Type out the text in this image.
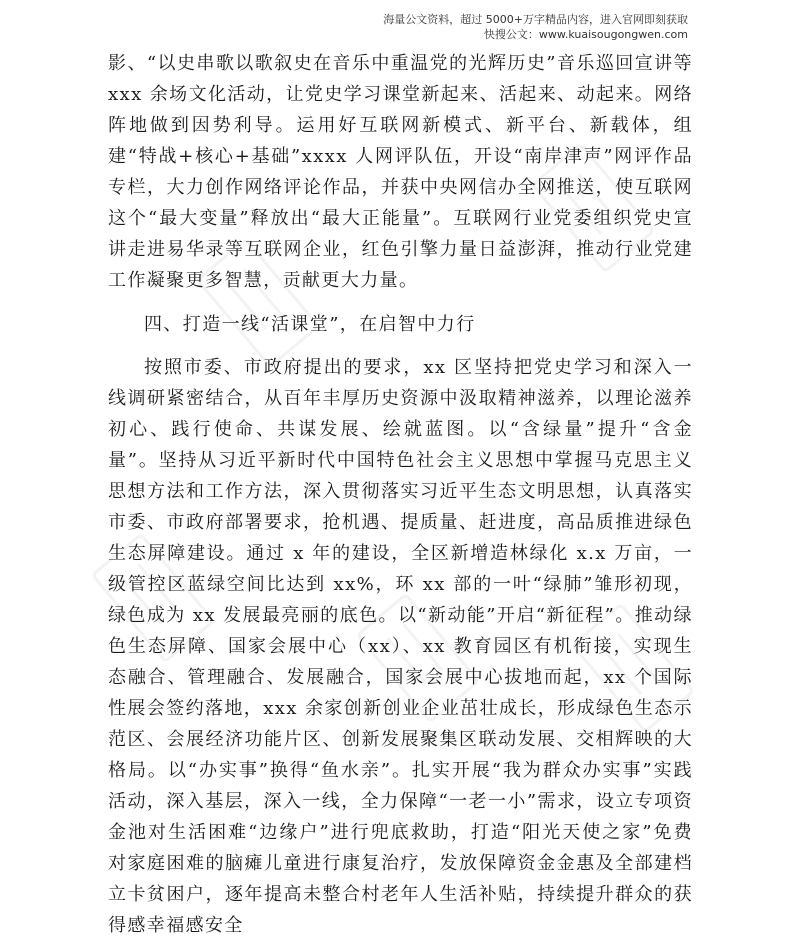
海量公文资料，超过 5000+万字精品内容，进入官网即刻获取
快搜公文：www.kuaisougongwen.com

影、“以史串歌以歌叙史在音乐中重温党的光辉历史”音乐巡回宣讲等 xxx 余场文化活动，让党史学习课堂新起来、活起来、动起来。网络阵地做到因势利导。运用好互联网新模式、新平台、新载体，组建“特战+核心+基础”xxxx 人网评队伍，开设“南岸津声”网评作品专栏，大力创作网络评论作品，并获中央网信办全网推送，使互联网这个“最大变量”释放出“最大正能量”。互联网行业党委组织党史宣讲走进易华录等互联网企业，红色引擎力量日益澎湃，推动行业党建工作凝聚更多智慧，贡献更大力量。

四、打造一线“活课堂”，在启智中力行

按照市委、市政府提出的要求，xx 区坚持把党史学习和深入一线调研紧密结合，从百年丰厚历史资源中汲取精神滋养，以理论滋养初心、践行使命、共谋发展、绘就蓝图。以“含绿量”提升“含金量”。坚持从习近平新时代中国特色社会主义思想中掌握马克思主义思想方法和工作方法，深入贯彻落实习近平生态文明思想，认真落实市委、市政府部署要求，抢机遇、提质量、赶进度，高品质推进绿色生态屏障建设。通过 x 年的建设，全区新增造林绿化 x.x 万亩，一级管控区蓝绿空间比达到 xx%，环 xx 部的一叶“绿肺”雏形初现， 绿色成为 xx 发展最亮丽的底色。以“新动能”开启“新征程”。推动绿色生态屏障、国家会展中心（xx）、xx 教育园区有机衔接，实现生态融合、管理融合、发展融合，国家会展中心拔地而起，xx 个国际性展会签约落地，xxx 余家创新创业企业茁壮成长，形成绿色生态示范区、会展经济功能片区、创新发展聚集区联动发展、交相辉映的大格局。以“办实事”换得“鱼水亲”。扎实开展“我为群众办实事”实践活动，深入基层，深入一线，全力保障“一老一小”需求，设立专项资金池对生活困难“边缘户”进行兜底救助，打造“阳光天使之家”免费对家庭困难的脑瘫儿童进行康复治疗，发放保障资金金惠及全部建档立卡贫困户，逐年提高未整合村老年人生活补贴，持续提升群众的获得感幸福感安全
